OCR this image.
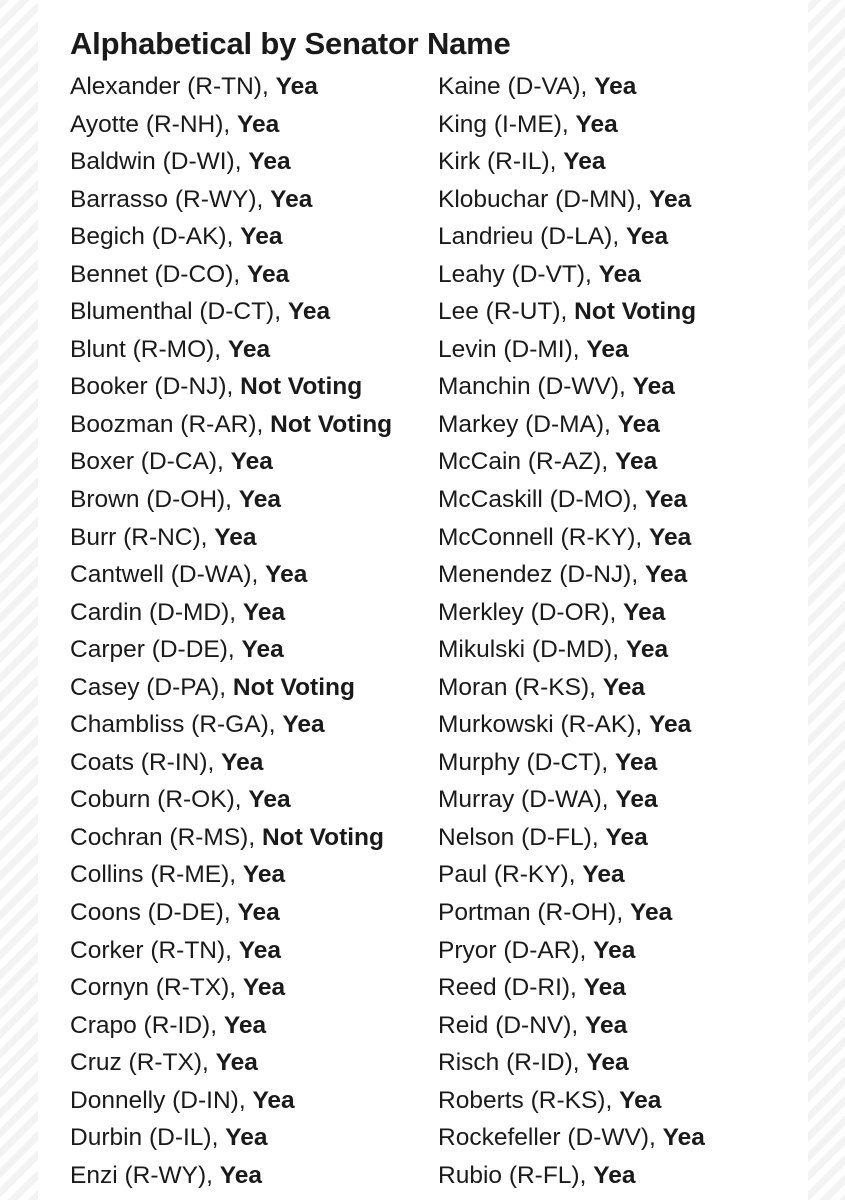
Alphabetical by Senator Name
Alexander (R-TN), Yea
Ayotte (R-NH), Yea
Baldwin (D-WI), Yea
Barrasso (R-WY), Yea
Begich (D-AK), Yea
Bennet (D-CO), Yea
Blumenthal (D-CT), Yea
Blunt (R-MO), Yea
Booker (D-NJ), Not Voting
Boozman (R-AR), Not Voting
Boxer (D-CA), Yea
Brown (D-OH), Yea
Burr (R-NC), Yea
Cantwell (D-WA), Yea
Cardin (D-MD), Yea
Carper (D-DE), Yea
Casey (D-PA), Not Voting
Chambliss (R-GA), Yea
Coats (R-IN), Yea
Coburn (R-OK), Yea
Cochran (R-MS), Not Voting
Collins (R-ME), Yea
Coons (D-DE), Yea
Corker (R-TN), Yea
Cornyn (R-TX), Yea
Crapo (R-ID), Yea
Cruz (R-TX), Yea
Donnelly (D-IN), Yea
Durbin (D-IL), Yea
Enzi (R-WY), Yea
Kaine (D-VA), Yea
King (I-ME), Yea
Kirk (R-IL), Yea
Klobuchar (D-MN), Yea
Landrieu (D-LA), Yea
Leahy (D-VT), Yea
Lee (R-UT), Not Voting
Levin (D-MI), Yea
Manchin (D-WV), Yea
Markey (D-MA), Yea
McCain (R-AZ), Yea
McCaskill (D-MO), Yea
McConnell (R-KY), Yea
Menendez (D-NJ), Yea
Merkley (D-OR), Yea
Mikulski (D-MD), Yea
Moran (R-KS), Yea
Murkowski (R-AK), Yea
Murphy (D-CT), Yea
Murray (D-WA), Yea
Nelson (D-FL), Yea
Paul (R-KY), Yea
Portman (R-OH), Yea
Pryor (D-AR), Yea
Reed (D-RI), Yea
Reid (D-NV), Yea
Risch (R-ID), Yea
Roberts (R-KS), Yea
Rockefeller (D-WV), Yea
Rubio (R-FL), Yea
